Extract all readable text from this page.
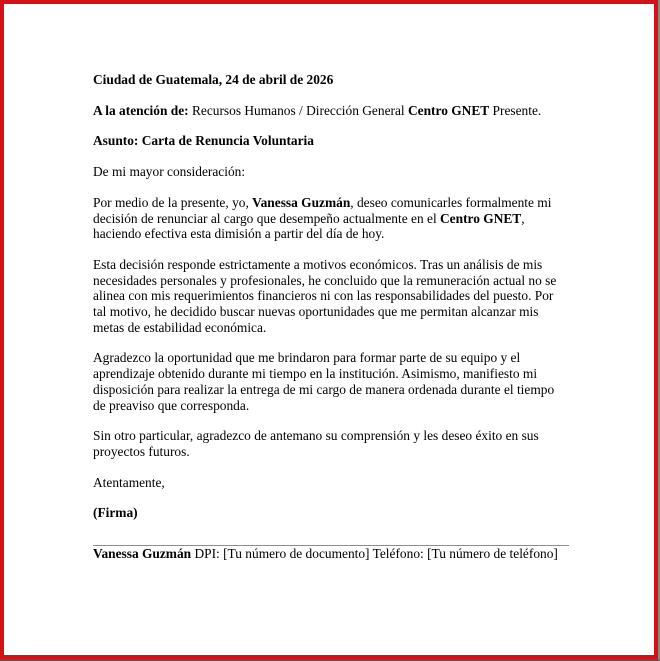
Ciudad de Guatemala, 24 de abril de 2026

A la atención de: Recursos Humanos / Dirección General Centro GNET Presente.

Asunto: Carta de Renuncia Voluntaria

De mi mayor consideración:

Por medio de la presente, yo, Vanessa Guzmán, deseo comunicarles formalmente mi decisión de renunciar al cargo que desempeño actualmente en el Centro GNET, haciendo efectiva esta dimisión a partir del día de hoy.

Esta decisión responde estrictamente a motivos económicos. Tras un análisis de mis necesidades personales y profesionales, he concluido que la remuneración actual no se alinea con mis requerimientos financieros ni con las responsabilidades del puesto. Por tal motivo, he decidido buscar nuevas oportunidades que me permitan alcanzar mis metas de estabilidad económica.

Agradezco la oportunidad que me brindaron para formar parte de su equipo y el aprendizaje obtenido durante mi tiempo en la institución. Asimismo, manifiesto mi disposición para realizar la entrega de mi cargo de manera ordenada durante el tiempo de preaviso que corresponda.

Sin otro particular, agradezco de antemano su comprensión y les deseo éxito en sus proyectos futuros.

Atentamente,

(Firma)

Vanessa Guzmán DPI: [Tu número de documento] Teléfono: [Tu número de teléfono]
